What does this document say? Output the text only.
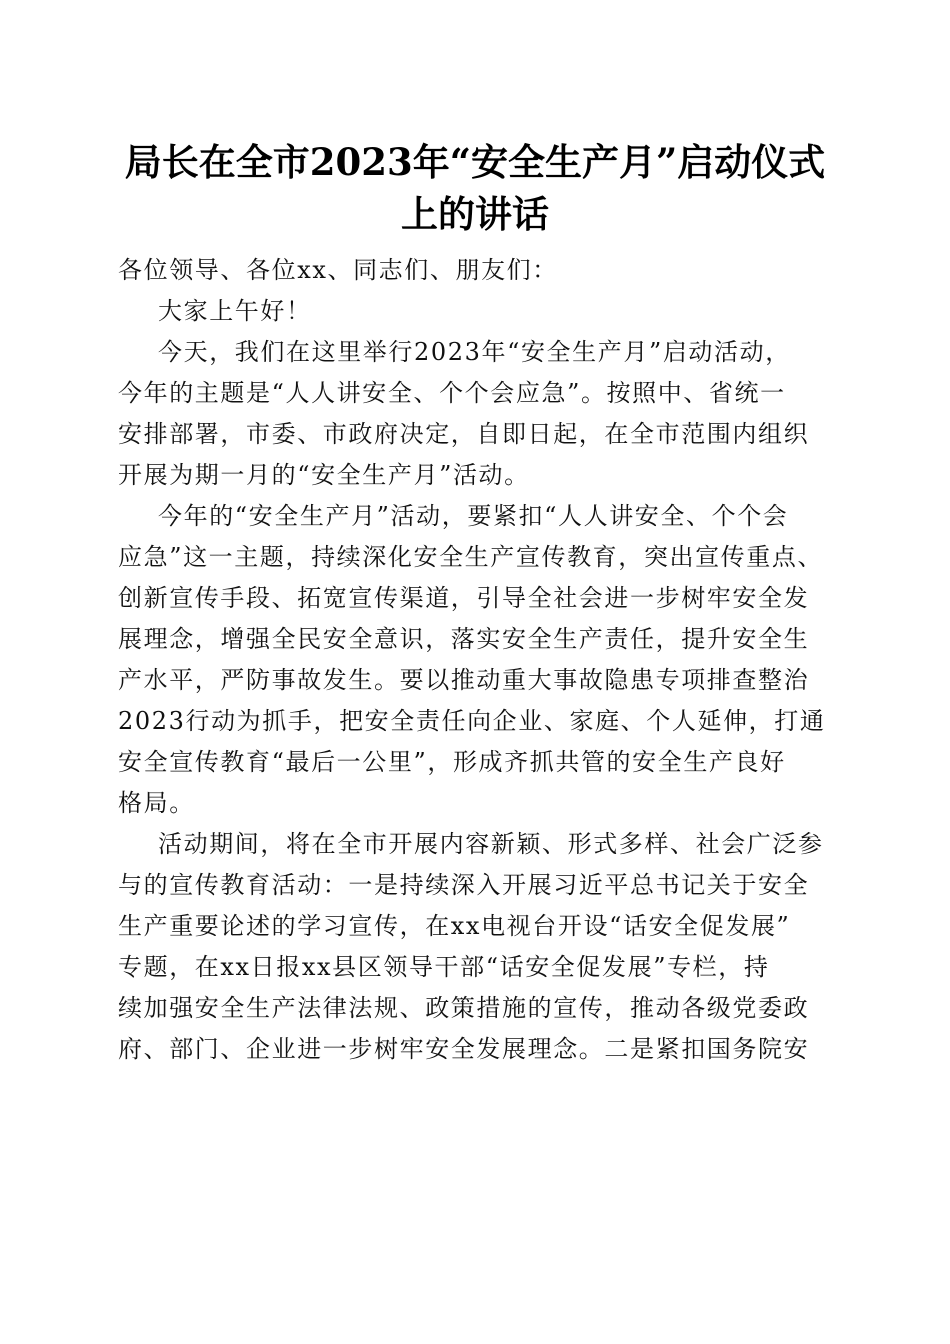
局长在全市2023年“安全生产月”启动仪式
上的讲话
各位领导、各位xx、同志们、朋友们：
大家上午好！
今天，我们在这里举行2023年“安全生产月”启动活动，
今年的主题是“人人讲安全、个个会应急”。按照中、省统一
安排部署，市委、市政府决定，自即日起，在全市范围内组织
开展为期一月的“安全生产月”活动。
今年的“安全生产月”活动，要紧扣“人人讲安全、个个会
应急”这一主题，持续深化安全生产宣传教育，突出宣传重点、
创新宣传手段、拓宽宣传渠道，引导全社会进一步树牢安全发
展理念，增强全民安全意识，落实安全生产责任，提升安全生
产水平，严防事故发生。要以推动重大事故隐患专项排查整治
2023行动为抓手，把安全责任向企业、家庭、个人延伸，打通
安全宣传教育“最后一公里”，形成齐抓共管的安全生产良好
格局。
活动期间，将在全市开展内容新颖、形式多样、社会广泛参
与的宣传教育活动：一是持续深入开展习近平总书记关于安全
生产重要论述的学习宣传，在xx电视台开设“话安全促发展”
专题，在xx日报xx县区领导干部“话安全促发展”专栏，持
续加强安全生产法律法规、政策措施的宣传，推动各级党委政
府、部门、企业进一步树牢安全发展理念。二是紧扣国务院安
